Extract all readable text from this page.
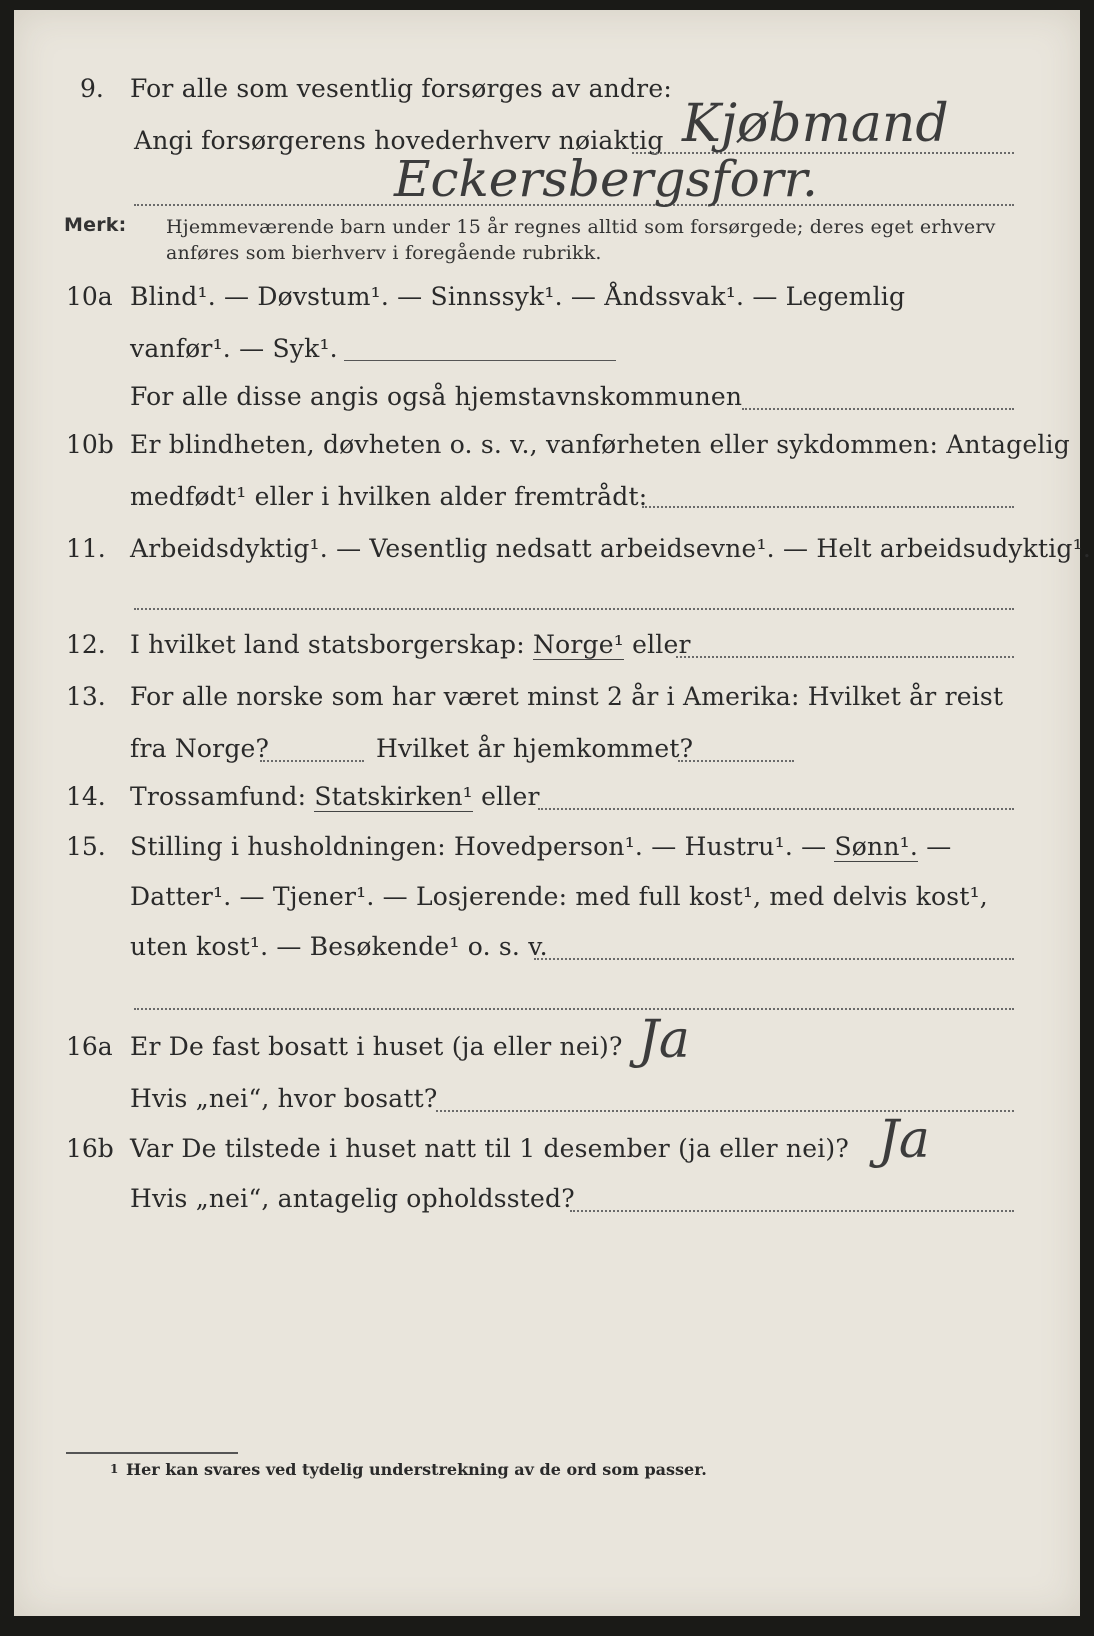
9. For alle som vesentlig forsørges av andre:
Angi forsørgerens hovederhverv nøiaktig Kjøbmand
Eckersbergsforr.
Merk: Hjemmeværende barn under 15 år regnes alltid som forsørgede; deres eget erhverv
anføres som bierhverv i foregående rubrikk.
10a Blind¹. — Døvstum¹. — Sinnssyk¹. — Åndssvak¹. — Legemlig
vanfør¹. — Syk¹.
For alle disse angis også hjemstavnskommunen
10b Er blindheten, døvheten o. s. v., vanførheten eller sykdommen: Antagelig
medfødt¹ eller i hvilken alder fremtrådt:
11. Arbeidsdyktig¹. — Vesentlig nedsatt arbeidsevne¹. — Helt arbeidsudyktig¹.
12. I hvilket land statsborgerskap: Norge¹ eller
13. For alle norske som har været minst 2 år i Amerika: Hvilket år reist
fra Norge?	Hvilket år hjemkommet?
14. Trossamfund: Statskirken¹ eller
15. Stilling i husholdningen: Hovedperson¹. — Hustru¹. — Sønn¹. —
Datter¹. — Tjener¹. — Losjerende: med full kost¹, med delvis kost¹,
uten kost¹. — Besøkende¹ o. s. v.
16a Er De fast bosatt i huset (ja eller nei)? Ja
Hvis „nei“, hvor bosatt?
16b Var De tilstede i huset natt til 1 desember (ja eller nei)? Ja
Hvis „nei“, antagelig opholdssted?
1 Her kan svares ved tydelig understrekning av de ord som passer.
